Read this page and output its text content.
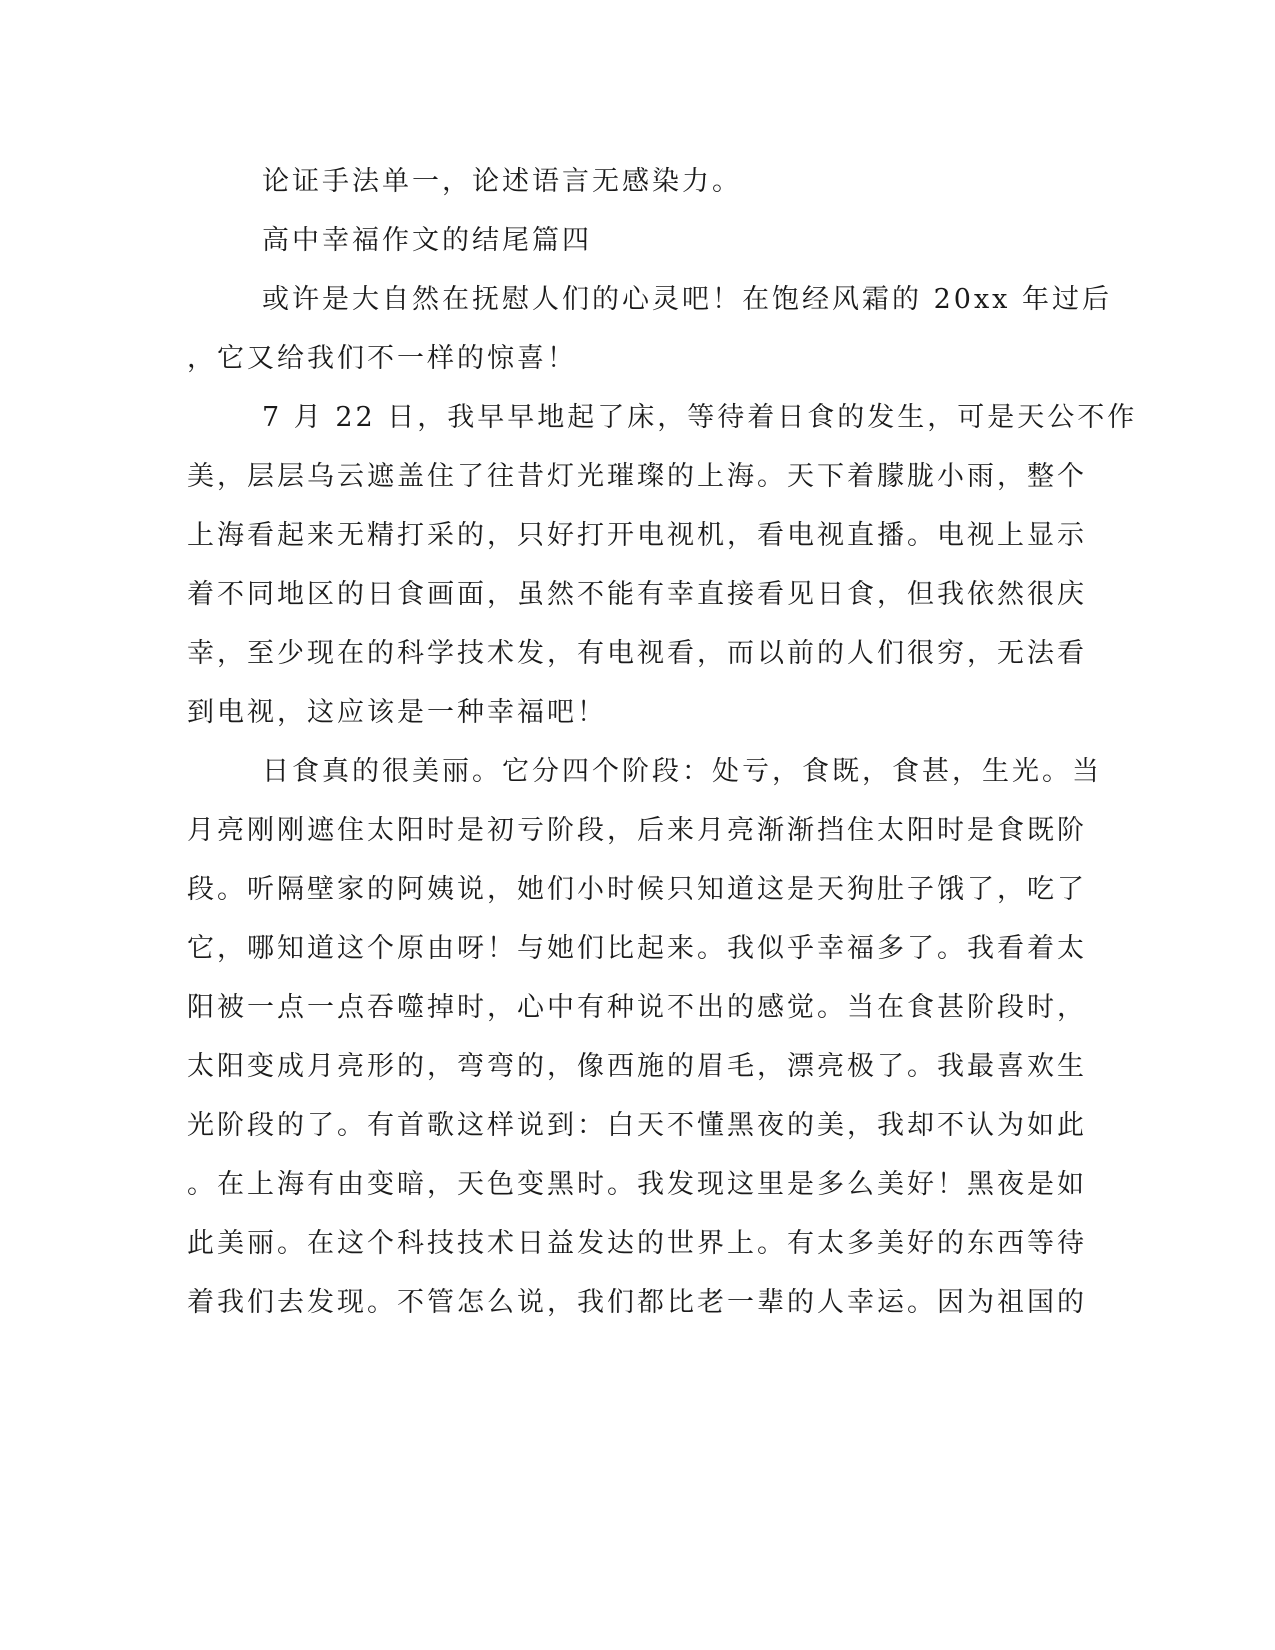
论证手法单一，论述语言无感染力。
高中幸福作文的结尾篇四
或许是大自然在抚慰人们的心灵吧！在饱经风霜的 20xx 年过后
，它又给我们不一样的惊喜！
7 月 22 日，我早早地起了床，等待着日食的发生，可是天公不作
美，层层乌云遮盖住了往昔灯光璀璨的上海。天下着朦胧小雨，整个
上海看起来无精打采的，只好打开电视机，看电视直播。电视上显示
着不同地区的日食画面，虽然不能有幸直接看见日食，但我依然很庆
幸，至少现在的科学技术发，有电视看，而以前的人们很穷，无法看
到电视，这应该是一种幸福吧！
日食真的很美丽。它分四个阶段：处亏，食既，食甚，生光。当
月亮刚刚遮住太阳时是初亏阶段，后来月亮渐渐挡住太阳时是食既阶
段。听隔壁家的阿姨说，她们小时候只知道这是天狗肚子饿了，吃了
它，哪知道这个原由呀！与她们比起来。我似乎幸福多了。我看着太
阳被一点一点吞噬掉时，心中有种说不出的感觉。当在食甚阶段时，
太阳变成月亮形的，弯弯的，像西施的眉毛，漂亮极了。我最喜欢生
光阶段的了。有首歌这样说到：白天不懂黑夜的美，我却不认为如此
。在上海有由变暗，天色变黑时。我发现这里是多么美好！黑夜是如
此美丽。在这个科技技术日益发达的世界上。有太多美好的东西等待
着我们去发现。不管怎么说，我们都比老一辈的人幸运。因为祖国的
